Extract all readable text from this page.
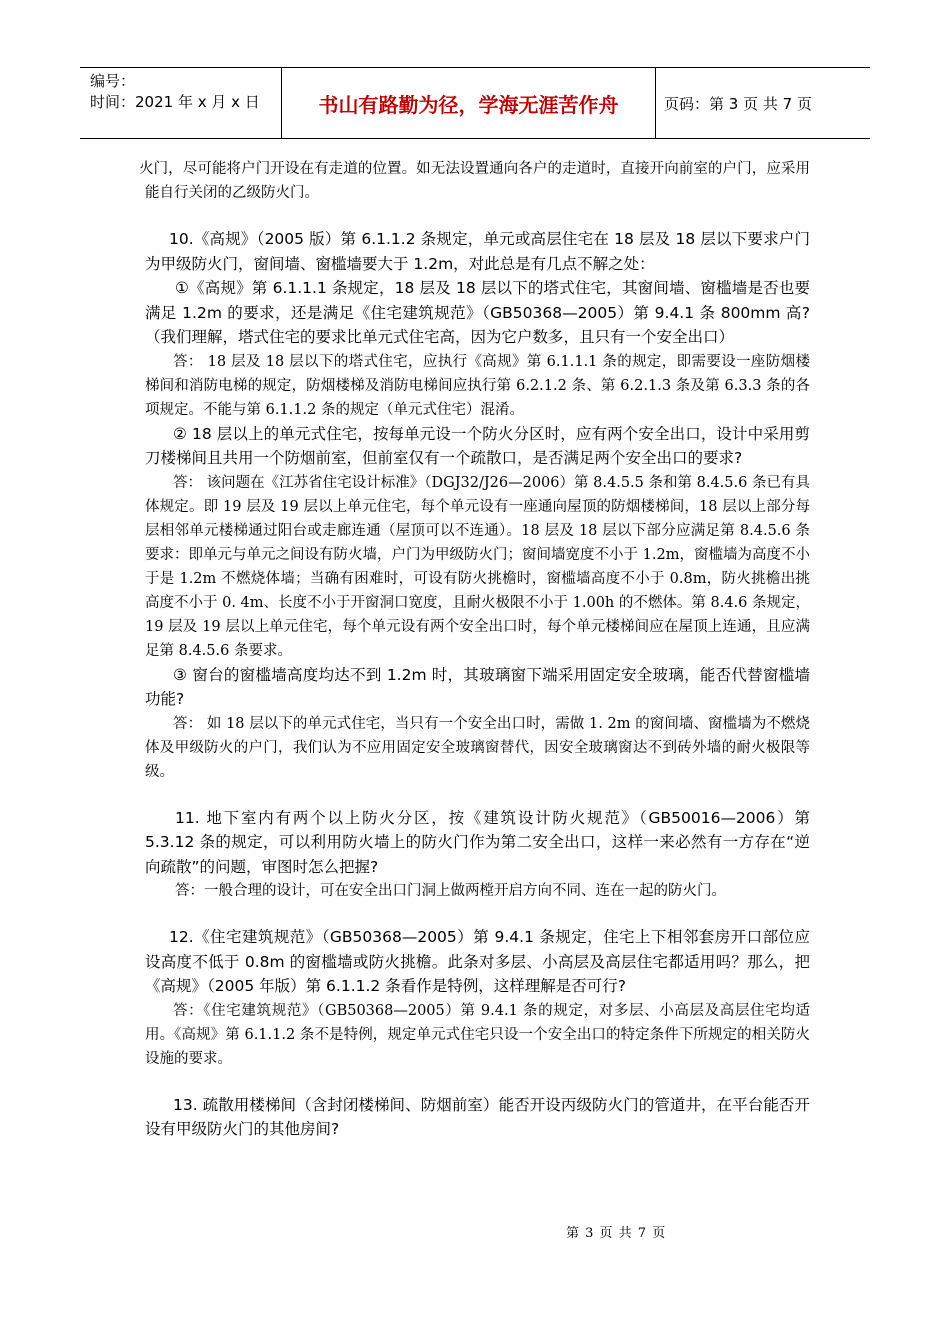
编号：
时间：2021 年 x 月 x 日	书山有路勤为径，学海无涯苦作舟	页码：第 3 页 共 7 页

火门，尽可能将户门开设在有走道的位置。如无法设置通向各户的走道时，直接开向前室的户门，应采用能自行关闭的乙级防火门。

10.《高规》（2005 版）第 6.1.1.2 条规定，单元或高层住宅在 18 层及 18 层以下要求户门为甲级防火门，窗间墙、窗槛墙要大于 1.2m，对此总是有几点不解之处：

①《高规》第 6.1.1.1 条规定，18 层及 18 层以下的塔式住宅，其窗间墙、窗槛墙是否也要满足 1.2m 的要求，还是满足《住宅建筑规范》（GB50368—2005）第 9.4.1 条 800mm 高?（我们理解，塔式住宅的要求比单元式住宅高，因为它户数多，且只有一个安全出口）

答： 18 层及 18 层以下的塔式住宅，应执行《高规》第 6.1.1.1 条的规定，即需要设一座防烟楼梯间和消防电梯的规定，防烟楼梯及消防电梯间应执行第 6.2.1.2 条、第 6.2.1.3 条及第 6.3.3 条的各项规定。不能与第 6.1.1.2 条的规定（单元式住宅）混淆。

② 18 层以上的单元式住宅，按每单元设一个防火分区时，应有两个安全出口，设计中采用剪刀楼梯间且共用一个防烟前室，但前室仅有一个疏散口，是否满足两个安全出口的要求?

答： 该问题在《江苏省住宅设计标准》（DGJ32/J26—2006）第 8.4.5.5 条和第 8.4.5.6 条已有具体规定。即 19 层及 19 层以上单元住宅，每个单元设有一座通向屋顶的防烟楼梯间，18 层以上部分每层相邻单元楼梯通过阳台或走廊连通（屋顶可以不连通）。18 层及 18 层以下部分应满足第 8.4.5.6 条要求：即单元与单元之间设有防火墙，户门为甲级防火门；窗间墙宽度不小于 1.2m，窗槛墙为高度不小于是 1.2m 不燃烧体墙；当确有困难时，可设有防火挑檐时，窗槛墙高度不小于 0.8m，防火挑檐出挑高度不小于 0. 4m、长度不小于开窗洞口宽度，且耐火极限不小于 1.00h 的不燃体。第 8.4.6 条规定，19 层及 19 层以上单元住宅，每个单元设有两个安全出口时，每个单元楼梯间应在屋顶上连通，且应满足第 8.4.5.6 条要求。

③ 窗台的窗槛墙高度均达不到 1.2m 时，其玻璃窗下端采用固定安全玻璃，能否代替窗槛墙功能?

答： 如 18 层以下的单元式住宅，当只有一个安全出口时，需做 1. 2m 的窗间墙、窗槛墙为不燃烧体及甲级防火的户门，我们认为不应用固定安全玻璃窗替代，因安全玻璃窗达不到砖外墙的耐火极限等级。

11. 地下室内有两个以上防火分区，按《建筑设计防火规范》（GB50016—2006）第 5.3.12 条的规定，可以利用防火墙上的防火门作为第二安全出口，这样一来必然有一方存在“逆向疏散”的问题，审图时怎么把握?

答：一般合理的设计，可在安全出口门洞上做两樘开启方向不同、连在一起的防火门。

12.《住宅建筑规范》（GB50368—2005）第 9.4.1 条规定，住宅上下相邻套房开口部位应设高度不低于 0.8m 的窗槛墙或防火挑檐。此条对多层、小高层及高层住宅都适用吗？那么，把《高规》（2005 年版）第 6.1.1.2 条看作是特例，这样理解是否可行?

答：《住宅建筑规范》（GB50368—2005）第 9.4.1 条的规定，对多层、小高层及高层住宅均适用。《高规》第 6.1.1.2 条不是特例，规定单元式住宅只设一个安全出口的特定条件下所规定的相关防火设施的要求。

13. 疏散用楼梯间（含封闭楼梯间、防烟前室）能否开设丙级防火门的管道井，在平台能否开设有甲级防火门的其他房间?

第 3 页 共 7 页
